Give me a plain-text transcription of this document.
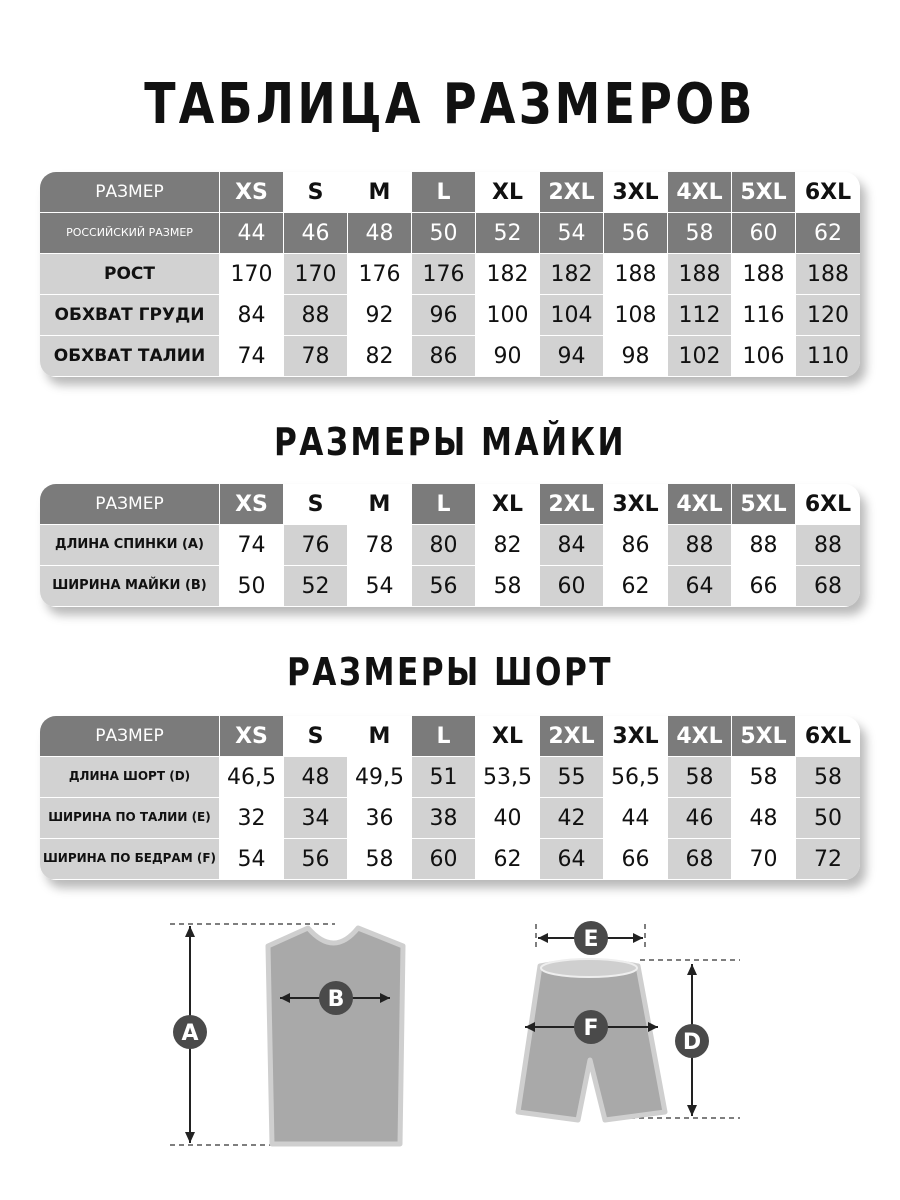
ТАБЛИЦА РАЗМЕРОВ
РАЗМЕР	XS	S	M	L	XL	2XL 3XL 4XL 5XL 6XL
РОССИЙСКИЙ РАЗМЕР	44	46	48	50	52	54	56	58	60	62
РОСТ	170	170	176	176	182	182	188	188	188	188
ОБХВАТ ГРУДИ	84	88	92	96	100	104	108	112	116	120
ОБХВАТ ТАЛИИ	74	78	82	86	90	94	98	102	106	110
РАЗМЕРЫ МАЙКИ
РАЗМЕР	XS	S	M	L	XL	2XL 3XL 4XL 5XL 6XL
ДЛИНА СПИНКИ (А)	74	76	78	80	82	84	86	88	88	88
ШИРИНА МАЙКИ (В)	50	52	54	56	58	60	62	64	66	68
РАЗМЕРЫ ШОРТ
РАЗМЕР	XS	S	M	L	XL	2XL 3XL 4XL 5XL 6XL
ДЛИНА ШОРТ (D)	46,5	48	49,5	51	53,5	55	56,5	58	58	58
ШИРИНА ПО ТАЛИИ (E)	32	34	36	38	40	42	44	46	48	50
ШИРИНА ПО БЕДРАМ (F) 54	56	58	60	62	64	66	68	70	72
B
A
E
F
D
